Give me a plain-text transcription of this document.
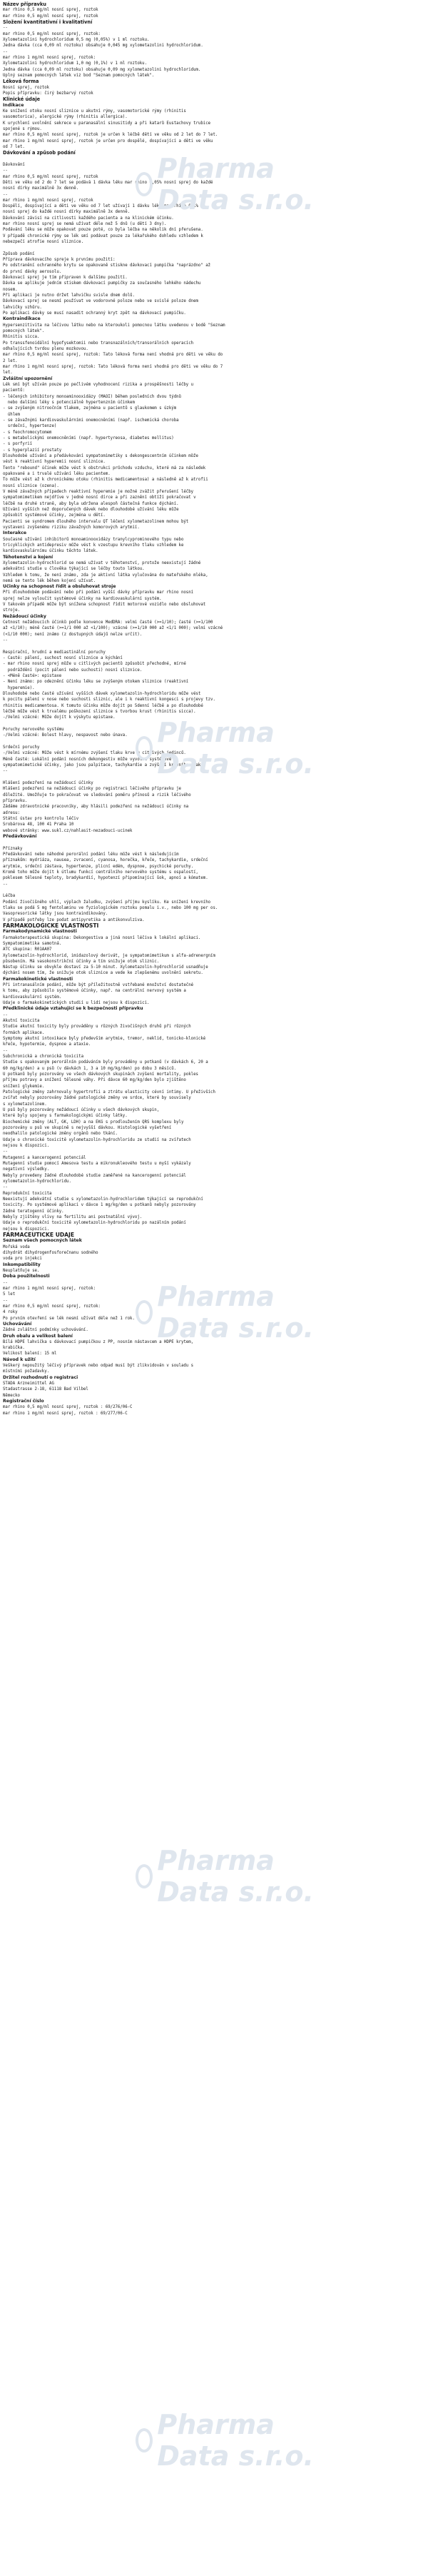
Název přípravku
mar rhino 0,5 mg/ml nosní sprej, roztok
mar rhino 0,5 mg/ml nosní sprej, roztok
Složení kvantitativní i kvalitativní
--
mar rhino 0,5 mg/ml nosní sprej, roztok:
Xylometazolini hydrochloridum 0,5 mg (0,05%) v 1 ml roztoku.
Jedna dávka (cca 0,09 ml roztoku) obsahuje 0,045 mg xylometazolini hydrochloridum.
--
mar rhino 1 mg/ml nosní sprej, roztok:
Xylometazolini hydrochloridum 1,0 mg (0,1%) v 1 ml roztoku.
Jedna dávka (cca 0,09 ml roztoku) obsahuje 0,09 mg xylometazolini hydrochloridum.
Úplný seznam pomocných látek viz bod "Seznam pomocných látek".
Léková forma
Nosní sprej, roztok
Popis přípravku: čirý bezbarvý roztok
Klinické údaje
Indikace
Ke snížení otoku nosní sliznice u akutní rýmy, vasomotorické rýmy (rhinitis
vasomotorica), alergické rýmy (rhinitis allergica).
K urychlení uvolnění sekrece u paranasální sinusitidy a při katarů Eustachovy trubice
spojené s rýmou.
mar rhino 0,5 mg/ml nosní sprej, roztok je určen k léčbě dětí ve věku od 2 let do 7 let.
mar rhino 1 mg/ml nosní sprej, roztok je určen pro dospělé, dospívající a děti ve věku
od 7 let.
Dávkování a způsob podání
Dávkování
--
mar rhino 0,5 mg/ml nosní sprej, roztok
Děti ve věku od 2 do 7 let se podává 1 dávka léku mar rhino 0,05% nosní sprej do každé
nosní dírky maximálně 3x denně.
--
mar rhino 1 mg/ml nosní sprej, roztok
Dospělí, dospívající a děti ve věku od 7 let užívají 1 dávku léku mar rhino 0,1%
nosní sprej do každé nosní dírky maximálně 3x denně.
Dávkování závisí na citlivosti každého pacienta a na klinickém účinku.
mar rhino nosní sprej se nemá užívat déle než 5 dnů (u dětí 3 dny).
Podávání léku se může opakovat pouze poté, co byla léčba na několik dní přerušena.
V případě chronické rýmy se lék smí podávat pouze za lékařského dohledu vzhledem k
nebezpečí atrofie nosní sliznice.
Způsob podání
Příprava dávkovacího spreje k prvnímu použití:
Po odstranění ochranného krytu se opakovaně stiskne dávkovací pumpička "naprázdno" až
do první dávky aerosolu.
Dávkovací sprej je tím připraven k dalšímu použití.
Dávka se aplikuje jedním stiskem dávkovací pumpičky za současného lehkého nádechu
nosem.
Při aplikaci je nutno držet lahvičku svisle dnem dolů.
Dávkovací sprej se nesmí používat ve vodorovné poloze nebo ve svislé poloze dnem
lahvičky vzhůru.
Po aplikaci dávky se musí nasadit ochranný kryt zpět na dávkovací pumpičku.
Kontraindikace
Hypersenzitivita na léčivou látku nebo na kteroukoli pomocnou látku uvedenou v bodě "Seznam
pomocných látek".
Rhinitis sicca.
Po transsfenoidální hypofysektomii nebo transnazálních/transorálních operacích
odhalujících tvrdou plenu mozkovou.
mar rhino 0,5 mg/ml nosní sprej, roztok: Tato léková forma není vhodná pro děti ve věku do
2 let.
mar rhino 1 mg/ml nosní sprej, roztok: Tato léková forma není vhodná pro děti ve věku do 7
let.
Zvláštní upozornění
Lék smí být užíván pouze po pečlivém vyhodnocení rizika a prospěšnosti léčby u
pacientů:
- léčených inhibitory monoaminooxidázy (MAOI) během posledních dvou týdnů
nebo dalšími léky s potenciálně hypertenzním účinkem
- se zvýšeným nitroočním tlakem, zejména u pacientů s glaukomem s úzkým
úhlem
- se závažnými kardiovaskulárními onemocněními (např. ischemická choroba
srdeční, hypertenze)
- s feochromocytomem
- s metabolickými onemocněními (např. hypertyreosa, diabetes mellitus)
- s porfyrií
- s hyperplazií prostaty
Dlouhodobé užívání a předávkování sympatomimetiky s dekongescentním účinkem může
vést k reaktivní hyperemii nosní sliznice.
Tento "rebound" účinek může vést k obstrukci průchodu vzduchu, které má za následek
opakované a i trvalé užívání léku pacientem.
To může vést až k chronickému otoku (rhinitis medicamentosa) a následně až k atrofii
nosní sliznice (ozena).
V méně závažných případech reaktivní hyperemie je možné zvážit přerušení léčby
sympatomimetikem nejdříve v jedné nosní dírce a při zaznění obtíží pokračovat v
léčbě na druhé straně, aby byla udržena alespoň částečná funkce dýchání.
Užívání vyšších než doporučených dávek nebo dlouhodobé užívání léku může
způsobit systémové účinky, zejména u dětí.
Pacienti se syndromem dlouhého intervalu QT léčení xylometazolinem mohou být
vystaveni zvýšenému riziku závažných komorových arytmií.
Interakce
Současné užívání inhibitorů monoaminooxidázy tranylcyprominového typu nebo
tricyklických antidepresiv může vést k vzestupu krevního tlaku vzhledem ke
kardiovaskulárnímu účinku těchto látek.
Těhotenství a kojení
Xylometazolin-hydrochlorid se nemá užívat v těhotenství, protože neexistují žádné
adekvátní studie u člověka týkající se léčby touto látkou.
Vzhledem k tomu, že není známo, zda je aktivní látka vylučována do mateřského mléka,
nemá se tento lék během kojení užívat.
Účinky na schopnost řídit a obsluhovat stroje
Při dlouhodobém podávání nebo při podání vyšší dávky přípravku mar rhino nosní
sprej nelze vyloučit systémové účinky na kardiovaskulární systém.
V takovém případě může být snížena schopnost řídit motorové vozidlo nebo obsluhovat
stroje.
Nežádoucí účinky
Četnost nežádoucích účinků podle konvence MedDRA: velmi časté (>=1/10); časté (>=1/100
až <1/10); méně časté (>=1/1 000 až <1/100); vzácné (>=1/10 000 až <1/1 000); velmi vzácné
(<1/10 000); není známo (z dostupných údajů nelze určit).
--
Respirační, hrudní a mediastinální poruchy
- Časté: pálení, suchost nosní sliznice a kýchání
- mar rhino nosní sprej může u citlivých pacientů způsobit přechodné, mírné
podráždění (pocit pálení nebo suchosti) nosní sliznice.
- <Méně časté>: epistaxe
- Není známo: po odeznění účinku léku se zvýšeným otokem sliznice (reaktivní
hyperemie).
Dlouhodobé nebo časté užívání vyšších dávek xylometazolin-hydrochloridu může vést
k pocitu pálení v nose nebo suchosti sliznic, ale i k reaktivní kongesci s projevy tzv.
rhinitis medicamentosa. K tomuto účinku může dojít po 5denní léčbě a po dlouhodobé
léčbě může vést k trvalému poškození sliznice s tvorbou krust (rhinitis sicca).
-/Velmi vzácné: Může dojít k výskytu epistaxe.
Poruchy nervového systému
-/Velmi vzácné: Bolest hlavy, nespavost nebo únava.
Srdeční poruchy
-/Velmi vzácné: Může vést k mírnému zvýšení tlaku krve u citlivých jedinců.
Méně časté: Lokální podání nosních dekongestiv může vyvolat systémové
sympatomimetické účinky, jako jsou palpitace, tachykardie a zvýšení krevního tlaku.
--
Hlášení podezření na nežádoucí účinky
Hlášení podezření na nežádoucí účinky po registraci léčivého přípravku je
důležité. Umožňuje to pokračovat ve sledování poměru přínosů a rizik léčivého
přípravku.
Žádáme zdravotnické pracovníky, aby hlásili podezření na nežádoucí účinky na
adresu:
Státní ústav pro kontrolu léčiv
Šrobárova 48, 100 41 Praha 10
webové stránky: www.sukl.cz/nahlasit-nezadouci-ucinek
Předávkování
Příznaky
Předávkování nebo náhodné perorální podání léku může vést k následujícím
příznakům: mydriáza, nausea, zvracení, cyanosa, horečka, křeče, tachykardie, srdeční
arytmie, srdeční zástava, hypertenze, plicní edém, dyspnoe, psychické poruchy.
Kromě toho může dojít k útlumu funkcí centrálního nervového systému s ospalostí,
poklesem tělesné teploty, bradykardií, hypotenzí připomínající šok, apnoí a kómatem.
--
Léčba
Podání živočišného uhlí, výplach žaludku, zvýšení příjmu kyslíku. Ke snížení krevního
tlaku se podá 5 mg fentolaminu ve fyziologickém roztoku pomalu i.v., nebo 100 mg per os.
Vasopresorické látky jsou kontraindikovány.
V případě potřeby lze podat antipyretika a antikonvulziva.
FARMAKOLOGICKÉ VLASTNOSTI
Farmakodynamické vlastnosti
Farmakoterapeutická skupina: Dekongestiva a jiná nosní léčiva k lokální aplikaci.
Sympatomimetika samotná.
ATC skupina: R01AA07
Xylometazolin-hydrochlorid, imidazolový derivát, je sympatomimetikum s alfa-adrenergním
působením. Má vasokonstrikční účinky a tím snižuje otok sliznic.
Nástup účinku se obvykle dostaví za 5-10 minut. Xylometazolin-hydrochlorid usnadňuje
dýchání nosem tím, že snižuje otok sliznice a vede ke zlepšenému uvolnění sekretu.
Farmakokinetické vlastnosti
Při intranasálním podání, může být příležitostně vstřebané množství dostatečné
k tomu, aby způsobilo systémové účinky, např. na centrální nervový systém a
kardiovaskulární systém.
Údaje o farmakokinetických studií u lidí nejsou k dispozici.
Předklinické údaje vztahující se k bezpečnosti přípravku
--
Akutní toxicita
Studie akutní toxicity byly prováděny u různých živočišných druhů při různých
formách aplikace.
Symptomy akutní intoxikace byly především arytmie, tremor, neklid, tonicko-klonické
křeče, hypotermie, dyspnoe a ataxie.
--
Subchronická a chronická toxicita
Studie s opakovaným perorálním podáváním byly prováděny u potkanů (v dávkách 6, 20 a
60 mg/kg/den) a u psů (v dávkách 1, 3 a 10 mg/kg/den) po dobu 3 měsíců.
U potkanů byly pozorovány ve všech dávkových skupinách zvýšení mortality, pokles
příjmu potravy a snížení tělesné váhy. Při dávce 60 mg/kg/den bylo zjištěno
snížení glykemie.
Patologické změny zahrnovaly hypertrofii a ztrátu elasticity cévní intimy. U přeživších
zvířat nebyly pozorovány žádné patologické změny ve srdce, které by souvisely
s xylometazolinem.
U psů byly pozorovány nežádoucí účinky u všech dávkových skupin,
které byly spojeny s farmakologickými účinky látky.
Biochemické změny (ALT, GK, LDH) a na EKG s prodloužením QRS komplexu byly
pozorovány u psů ve skupině s nejvyšší dávkou. Histologické vyšetření
neodhalilo patologické změny orgánů nebo tkání.
Údaje o chronické toxicitě xylometazolin-hydrochloridu ze studií na zvířatech
nejsou k dispozici.
--
Mutagenní a kancerogenní potenciál
Mutagenní studie pomocí Amesova testu a mikronukleového testu u myší vykázaly
negativní výsledky.
Nebyly provedeny žádné dlouhodobé studie zaměřené na kancerogenní potenciál
xylometazolin-hydrochloridu.
--
Reprodukční toxicita
Neexistují adekvátní studie s xylometazolin-hydrochloridem týkající se reprodukční
toxicity. Po systémové aplikaci v dávce 1 mg/kg/den u potkanů nebyly pozorovány
žádné teratogenní účinky.
Nebyly zjištěny vlivy na fertilitu ani postnatální vývoj.
Údaje o reprodukční toxicitě xylometazolin-hydrochloridu po nazálním podání
nejsou k dispozici.
FARMACEUTICKÉ ÚDAJE
Seznam všech pomocných látek
Mořská voda
dihydrát dihydrogenfosforečnanu sodného
voda pro injekci
Inkompatibility
Neuplatňuje se.
Doba použitelnosti
--
mar rhino 1 mg/ml nosní sprej, roztok:
5 let
--
mar rhino 0,5 mg/ml nosní sprej, roztok:
4 roky
Po prvním otevření se lék nesmí užívat déle než 1 rok.
Uchovávání
Žádné zvláštní podmínky uchovávání.
Druh obalu a velikost balení
Bílá HDPE lahvička s dávkovací pumpičkou z PP, nosním nástavcem a HDPE krytem,
krabička.
Velikost balení: 15 ml
Návod k užití
Veškerý nepoužitý léčivý přípravek nebo odpad musí být zlikvidován v souladu s
místními požadavky.
Držitel rozhodnutí o registraci
STADA Arzneimittel AG
Stadastrasse 2-18, 61118 Bad Vilbel
Německo
Registrační číslo
mar rhino 0,5 mg/ml nosní sprej, roztok : 69/276/06-C
mar rhino 1 mg/ml nosní sprej, roztok : 69/277/06-C
Pharma Data s.r.o.
Pharma Data s.r.o.
Pharma Data s.r.o.
Pharma Data s.r.o.
Pharma Data s.r.o.
